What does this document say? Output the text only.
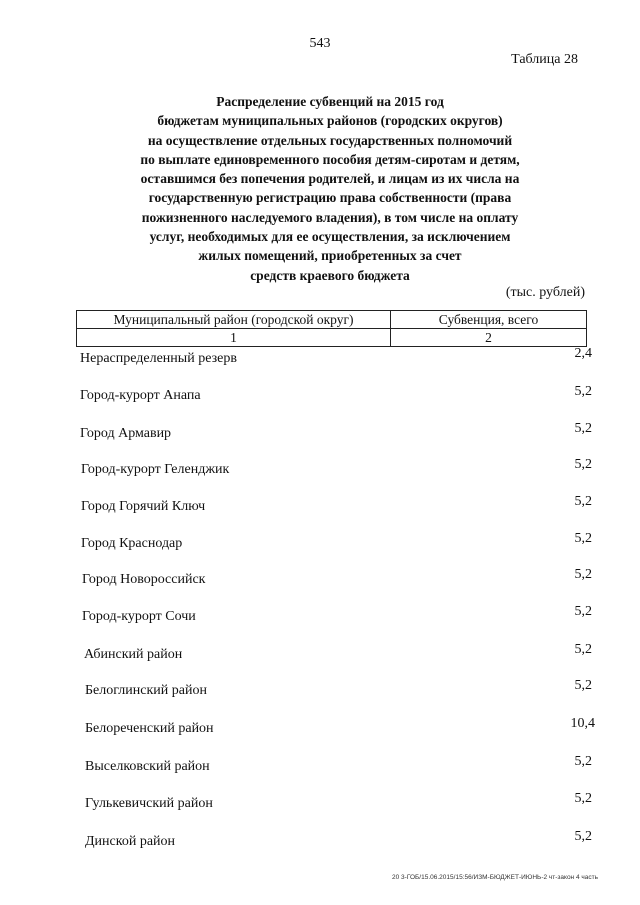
543
Таблица 28
Распределение субвенций на 2015 год
бюджетам муниципальных районов (городских округов)
на осуществление отдельных государственных полномочий
по выплате единовременного пособия детям-сиротам и детям,
оставшимся без попечения родителей, и лицам из их числа на
государственную регистрацию права собственности (права
пожизненного наследуемого владения), в том числе на оплату
услуг, необходимых для ее осуществления, за исключением
жилых помещений, приобретенных за счет
средств краевого бюджета
(тыс. рублей)
Муниципальный район (городской округ)	Субвенция, всего
1	2
Нераспределенный резерв	2,4
Город-курорт Анапа	5,2
Город Армавир	5,2
Город-курорт Геленджик	5,2
Город Горячий Ключ	5,2
Город Краснодар	5,2
Город Новороссийск	5,2
Город-курорт Сочи	5,2
Абинский район	5,2
Белоглинский район	5,2
Белореченский район	10,4
Выселковский район	5,2
Гулькевичский район	5,2
Динской район	5,2
20 3-ГОБ/15.06.2015/15:56/ИЗМ-БЮДЖЕТ-ИЮНЬ-2 чт-закон 4 часть
